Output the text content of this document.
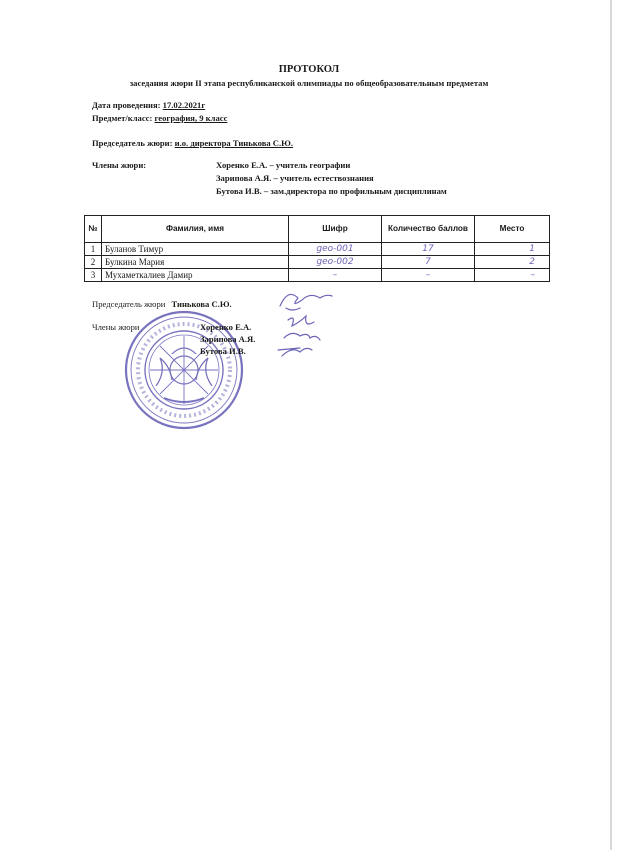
ПРОТОКОЛ
заседания жюри II этапа республиканской олимпиады по общеобразовательным предметам
Дата проведения: 17.02.2021г
Предмет/класс: география, 9 класс
Председатель жюри: и.о. директора Тинькова С.Ю.
Члены жюри:	Хоренко Е.А. – учитель географии
Зарипова А.Я. – учитель естествознания
Бутова И.В. – зам.директора по профильным дисциплинам
№	Фамилия, имя	Шифр	Количество баллов	Место
1	Буланов Тимур	geo-001	17	1
2	Булкина Мария	geo-002	7	2
3	Мухаметкалиев Дамир	–	–	–
Председатель жюри Тинькова С.Ю.
Члены жюри	Хоренко Е.А.
Зарипова А.Я.
Бутова И.В.
